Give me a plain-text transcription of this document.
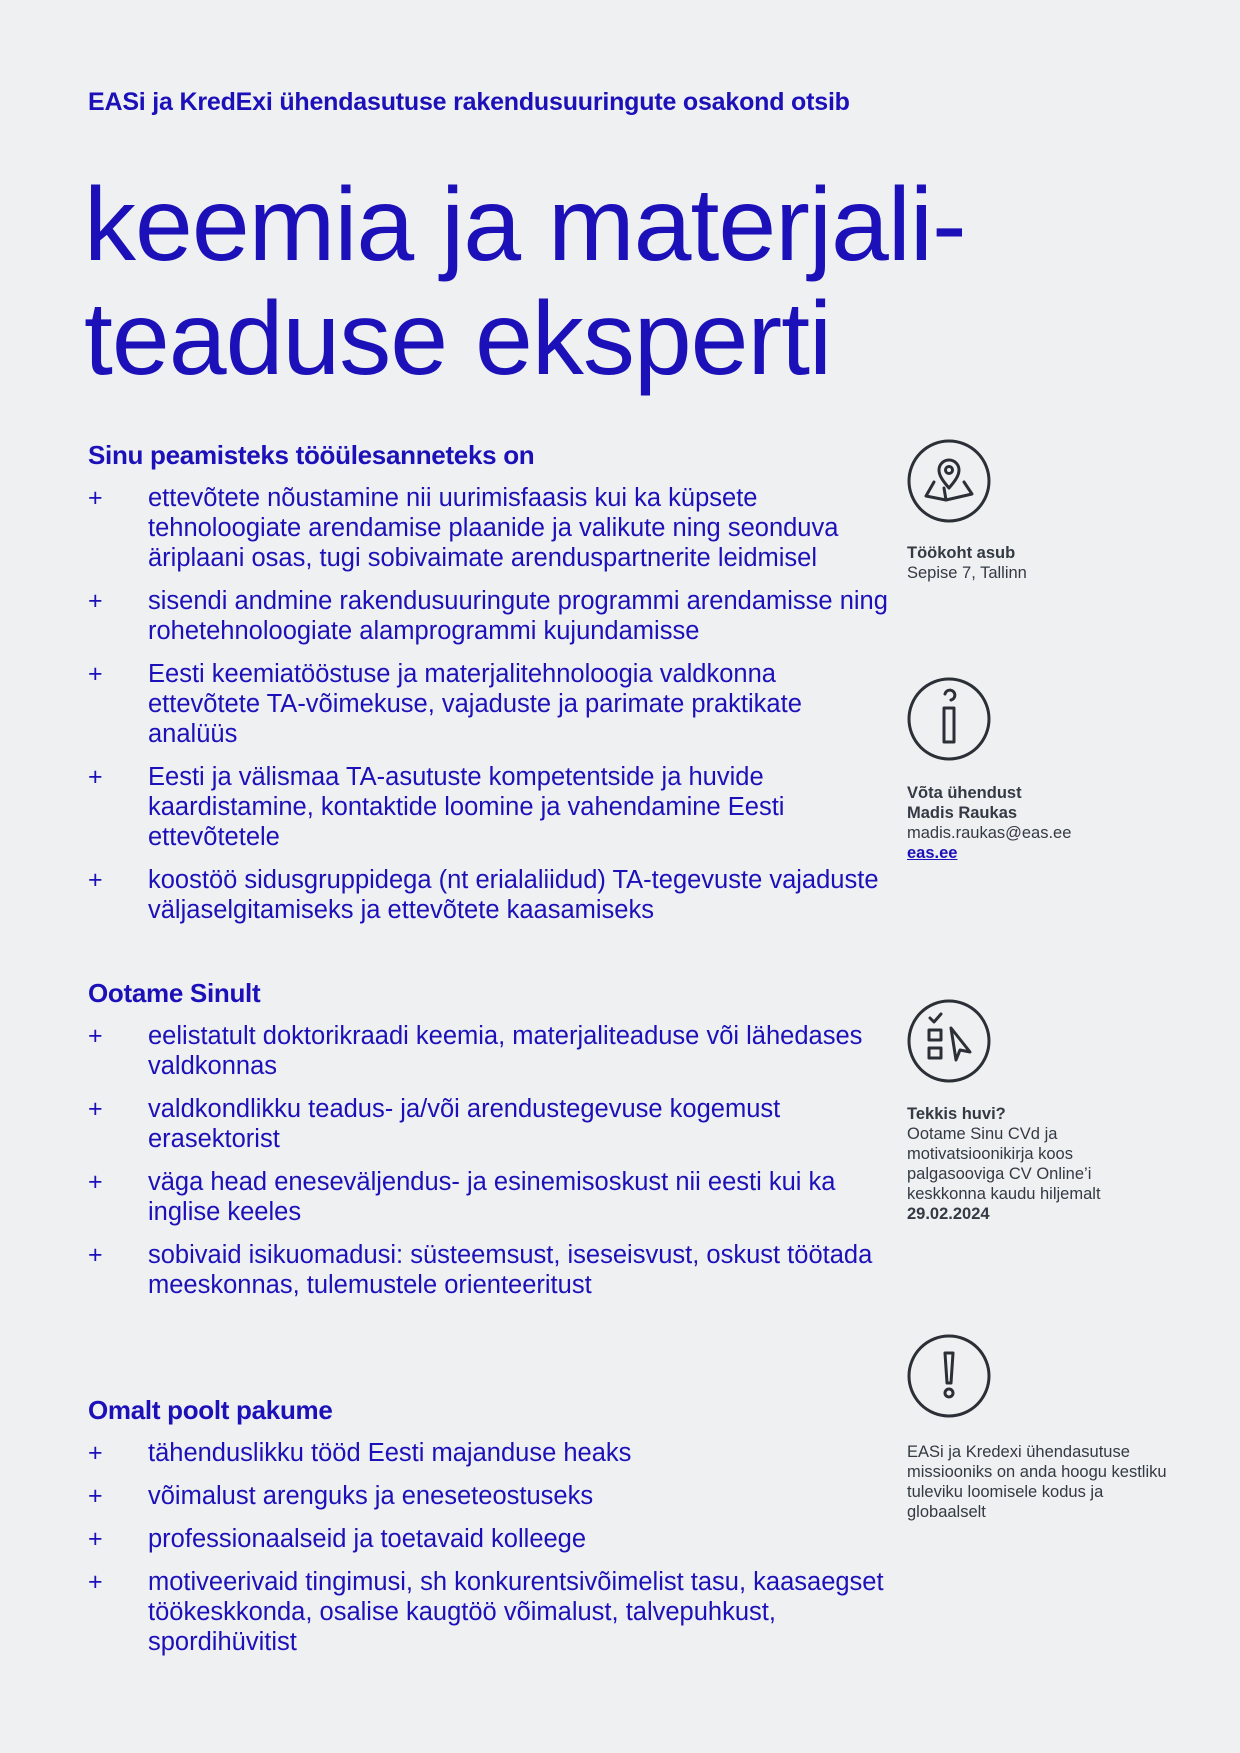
EASi ja KredExi ühendasutuse rakendusuuringute osakond otsib
keemia ja materjali-
teaduse eksperti
Sinu peamisteks tööülesanneteks on
+ ettevõtete nõustamine nii uurimisfaasis kui ka küpsete tehnoloogiate arendamise plaanide ja valikute ning seonduva äriplaani osas, tugi sobivaimate arenduspartnerite leidmisel
+ sisendi andmine rakendusuuringute programmi arendamisse ning rohetehnoloogiate alamprogrammi kujundamisse
+ Eesti keemiatööstuse ja materjalitehnoloogia valdkonna ettevõtete TA-võimekuse, vajaduste ja parimate praktikate analüüs
+ Eesti ja välismaa TA-asutuste kompetentside ja huvide kaardistamine, kontaktide loomine ja vahendamine Eesti ettevõtetele
+ koostöö sidusgruppidega (nt erialaliidud) TA-tegevuste vajaduste väljaselgitamiseks ja ettevõtete kaasamiseks
Ootame Sinult
+ eelistatult doktorikraadi keemia, materjaliteaduse või lähedases valdkonnas
+ valdkondlikku teadus- ja/või arendustegevuse kogemust erasektorist
+ väga head eneseväljendus- ja esinemisoskust nii eesti kui ka inglise keeles
+ sobivaid isikuomadusi: süsteemsust, iseseisvust, oskust töötada meeskonnas, tulemustele orienteeritust
Omalt poolt pakume
+ tähenduslikku tööd Eesti majanduse heaks
+ võimalust arenguks ja eneseteostuseks
+ professionaalseid ja toetavaid kolleege
+ motiveerivaid tingimusi, sh konkurentsivõimelist tasu, kaasaegset töökeskkonda, osalise kaugtöö võimalust, talvepuhkust, spordihüvitist
Töökoht asub
Sepise 7, Tallinn
Võta ühendust
Madis Raukas
madis.raukas@eas.ee
eas.ee
Tekkis huvi?
Ootame Sinu CVd ja motivatsioonikirja koos palgasooviga CV Online’i keskkonna kaudu hiljemalt
29.02.2024
EASi ja Kredexi ühendasutuse missiooniks on anda hoogu kestliku tuleviku loomisele kodus ja globaalselt
